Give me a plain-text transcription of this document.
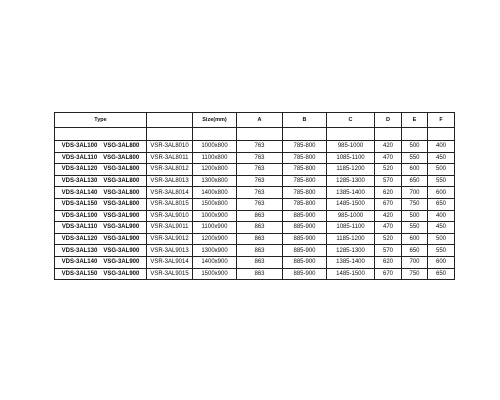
Type		Size(mm)	A	B	C	D	E	F

VDS-3AL100 VSG-3AL800	VSR-3AL8010	1000x800	763	785-800	985-1000	420	500	400
VDS-3AL110 VSG-3AL800	VSR-3AL8011	1100x800	763	785-800	1085-1100	470	550	450
VDS-3AL120 VSG-3AL800	VSR-3AL8012	1200x800	763	785-800	1185-1200	520	600	500
VDS-3AL130 VSG-3AL800	VSR-3AL8013	1300x800	763	785-800	1285-1300	570	650	550
VDS-3AL140 VSG-3AL800	VSR-3AL8014	1400x800	763	785-800	1385-1400	620	700	600
VDS-3AL150 VSG-3AL800	VSR-3AL8015	1500x800	763	785-800	1485-1500	670	750	650
VDS-3AL100 VSG-3AL900	VSR-3AL9010	1000x900	863	885-900	985-1000	420	500	400
VDS-3AL110 VSG-3AL900	VSR-3AL9011	1100x900	863	885-900	1085-1100	470	550	450
VDS-3AL120 VSG-3AL900	VSR-3AL9012	1200x900	863	885-900	1185-1200	520	600	500
VDS-3AL130 VSG-3AL900	VSR-3AL9013	1300x900	863	885-900	1285-1300	570	650	550
VDS-3AL140 VSG-3AL900	VSR-3AL9014	1400x900	863	885-900	1385-1400	620	700	600
VDS-3AL150 VSG-3AL900	VSR-3AL9015	1500x900	863	885-900	1485-1500	670	750	650
